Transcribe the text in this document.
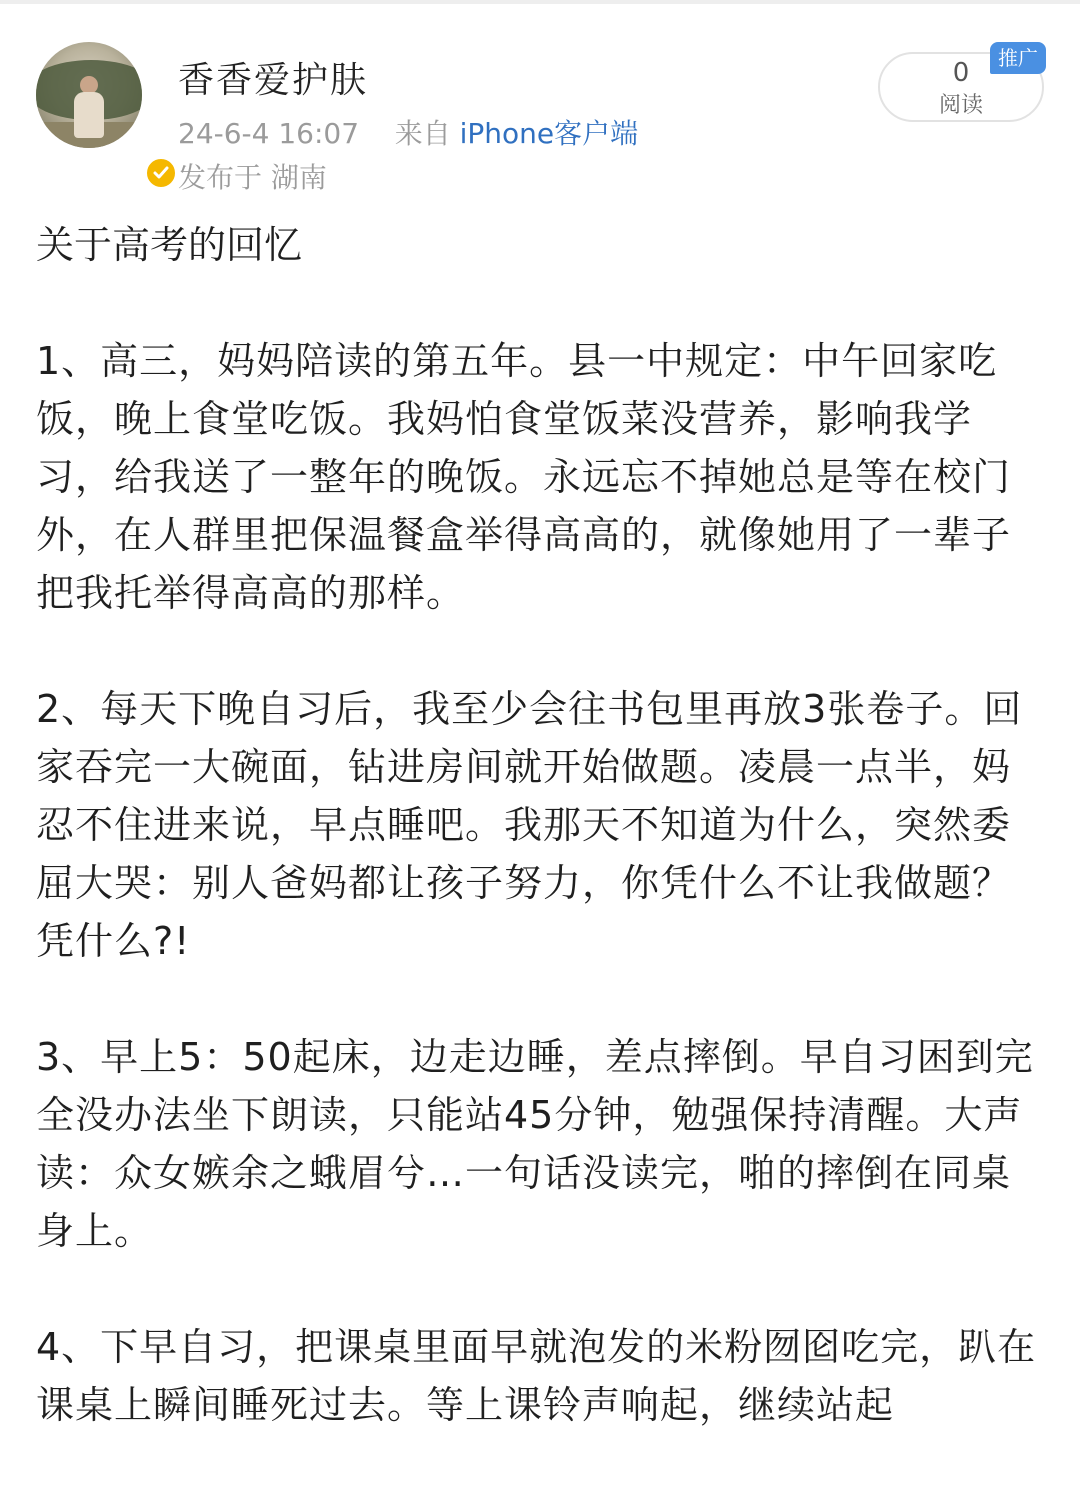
香香爱护肤
24-6-4 16:07 来自 iPhone客户端
发布于 湖南
0
阅读
推广
关于高考的回忆
1、高三，妈妈陪读的第五年。县一中规定：中午回家吃饭，晚上食堂吃饭。我妈怕食堂饭菜没营养，影响我学习，给我送了一整年的晚饭。永远忘不掉她总是等在校门外，在人群里把保温餐盒举得高高的，就像她用了一辈子把我托举得高高的那样。
2、每天下晚自习后，我至少会往书包里再放3张卷子。回家吞完一大碗面，钻进房间就开始做题。凌晨一点半，妈忍不住进来说，早点睡吧。我那天不知道为什么，突然委屈大哭：别人爸妈都让孩子努力，你凭什么不让我做题？凭什么?!
3、早上5：50起床，边走边睡，差点摔倒。早自习困到完全没办法坐下朗读，只能站45分钟，勉强保持清醒。大声读：众女嫉余之蛾眉兮…一句话没读完，啪的摔倒在同桌身上。
4、下早自习，把课桌里面早就泡发的米粉囫囵吃完，趴在课桌上瞬间睡死过去。等上课铃声响起，继续站起
